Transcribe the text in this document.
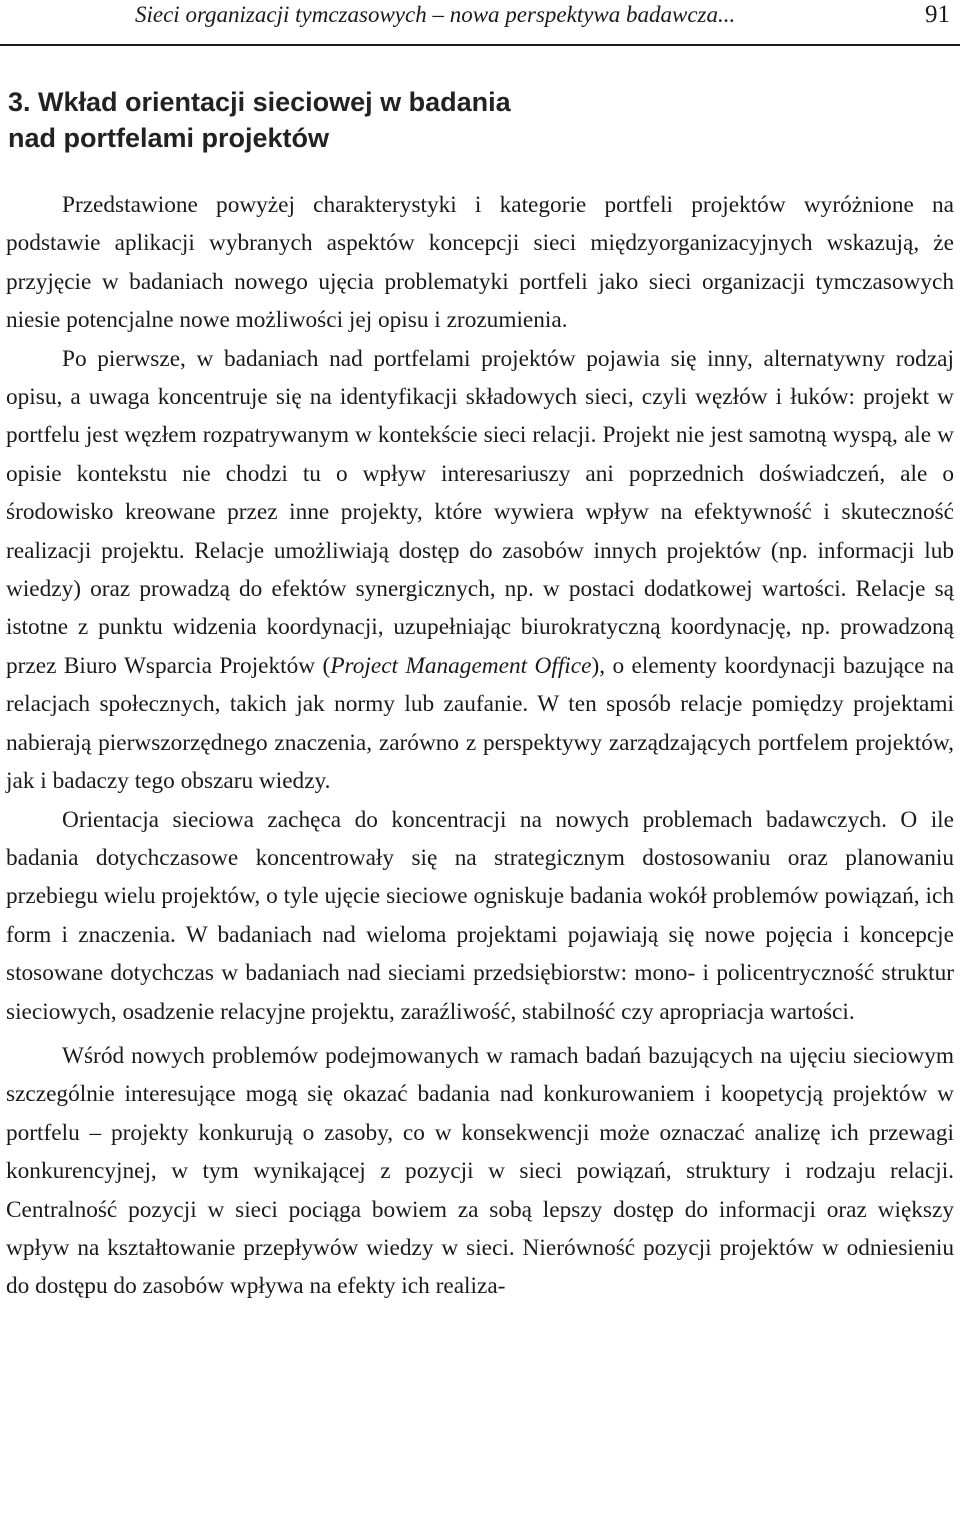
Sieci organizacji tymczasowych – nowa perspektywa badawcza...	91
3. Wkład orientacji sieciowej w badania
nad portfelami projektów

Przedstawione powyżej charakterystyki i kategorie portfeli projektów wyróżnione na podstawie aplikacji wybranych aspektów koncepcji sieci międzyorganizacyjnych wskazują, że przyjęcie w badaniach nowego ujęcia problematyki portfeli jako sieci organizacji tymczasowych niesie potencjalne nowe możliwości jej opisu i zrozumienia.

Po pierwsze, w badaniach nad portfelami projektów pojawia się inny, alternatywny rodzaj opisu, a uwaga koncentruje się na identyfikacji składowych sieci, czyli węzłów i łuków: projekt w portfelu jest węzłem rozpatrywanym w kontekście sieci relacji. Projekt nie jest samotną wyspą, ale w opisie kontekstu nie chodzi tu o wpływ interesariuszy ani poprzednich doświadczeń, ale o środowisko kreowane przez inne projekty, które wywiera wpływ na efektywność i skuteczność realizacji projektu. Relacje umożliwiają dostęp do zasobów innych projektów (np. informacji lub wiedzy) oraz prowadzą do efektów synergicznych, np. w postaci dodatkowej wartości. Relacje są istotne z punktu widzenia koordynacji, uzupełniając biurokratyczną koordynację, np. prowadzoną przez Biuro Wsparcia Projektów (Project Management Office), o elementy koordynacji bazujące na relacjach społecznych, takich jak normy lub zaufanie. W ten sposób relacje pomiędzy projektami nabierają pierwszorzędnego znaczenia, zarówno z perspektywy zarządzających portfelem projektów, jak i badaczy tego obszaru wiedzy.

Orientacja sieciowa zachęca do koncentracji na nowych problemach badawczych. O ile badania dotychczasowe koncentrowały się na strategicznym dostosowaniu oraz planowaniu przebiegu wielu projektów, o tyle ujęcie sieciowe ogniskuje badania wokół problemów powiązań, ich form i znaczenia. W badaniach nad wieloma projektami pojawiają się nowe pojęcia i koncepcje stosowane dotychczas w badaniach nad sieciami przedsiębiorstw: mono- i policentryczność struktur sieciowych, osadzenie relacyjne projektu, zaraźliwość, stabilność czy apropriacja wartości.

Wśród nowych problemów podejmowanych w ramach badań bazujących na ujęciu sieciowym szczególnie interesujące mogą się okazać badania nad konkurowaniem i koopetycją projektów w portfelu – projekty konkurują o zasoby, co w konsekwencji może oznaczać analizę ich przewagi konkurencyjnej, w tym wynikającej z pozycji w sieci powiązań, struktury i rodzaju relacji. Centralność pozycji w sieci pociąga bowiem za sobą lepszy dostęp do informacji oraz większy wpływ na kształtowanie przepływów wiedzy w sieci. Nierówność pozycji projektów w odniesieniu do dostępu do zasobów wpływa na efekty ich realiza-
